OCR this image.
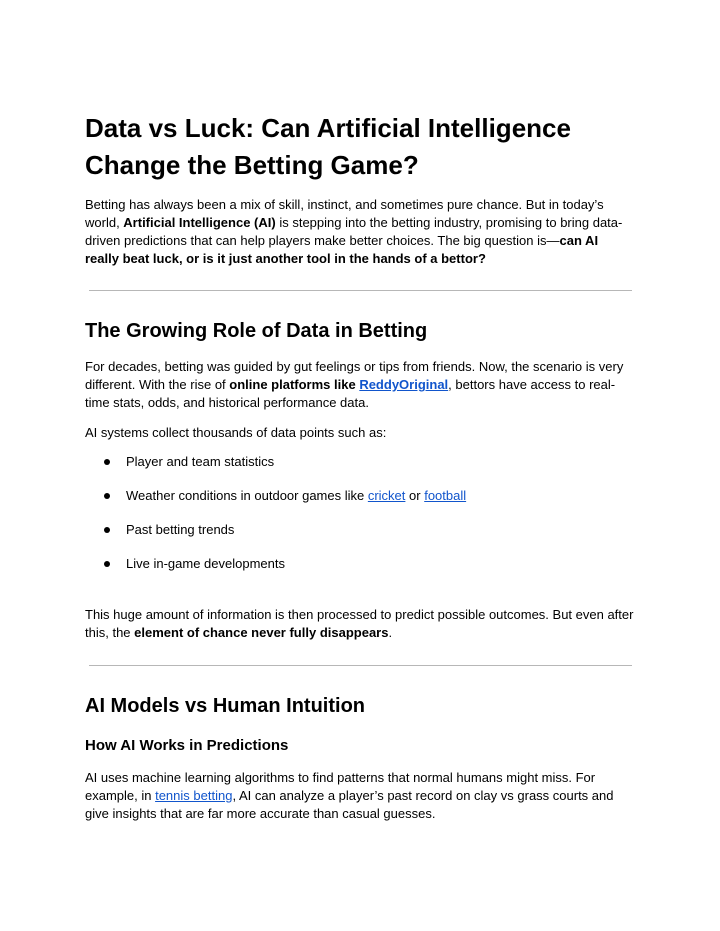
Data vs Luck: Can Artificial Intelligence Change the Betting Game?

Betting has always been a mix of skill, instinct, and sometimes pure chance. But in today’s world, Artificial Intelligence (AI) is stepping into the betting industry, promising to bring data-driven predictions that can help players make better choices. The big question is—can AI really beat luck, or is it just another tool in the hands of a bettor?

The Growing Role of Data in Betting

For decades, betting was guided by gut feelings or tips from friends. Now, the scenario is very different. With the rise of online platforms like ReddyOriginal, bettors have access to real-time stats, odds, and historical performance data.

AI systems collect thousands of data points such as:

Player and team statistics
Weather conditions in outdoor games like cricket or football
Past betting trends
Live in-game developments

This huge amount of information is then processed to predict possible outcomes. But even after this, the element of chance never fully disappears.

AI Models vs Human Intuition
How AI Works in Predictions

AI uses machine learning algorithms to find patterns that normal humans might miss. For example, in tennis betting, AI can analyze a player’s past record on clay vs grass courts and give insights that are far more accurate than casual guesses.
